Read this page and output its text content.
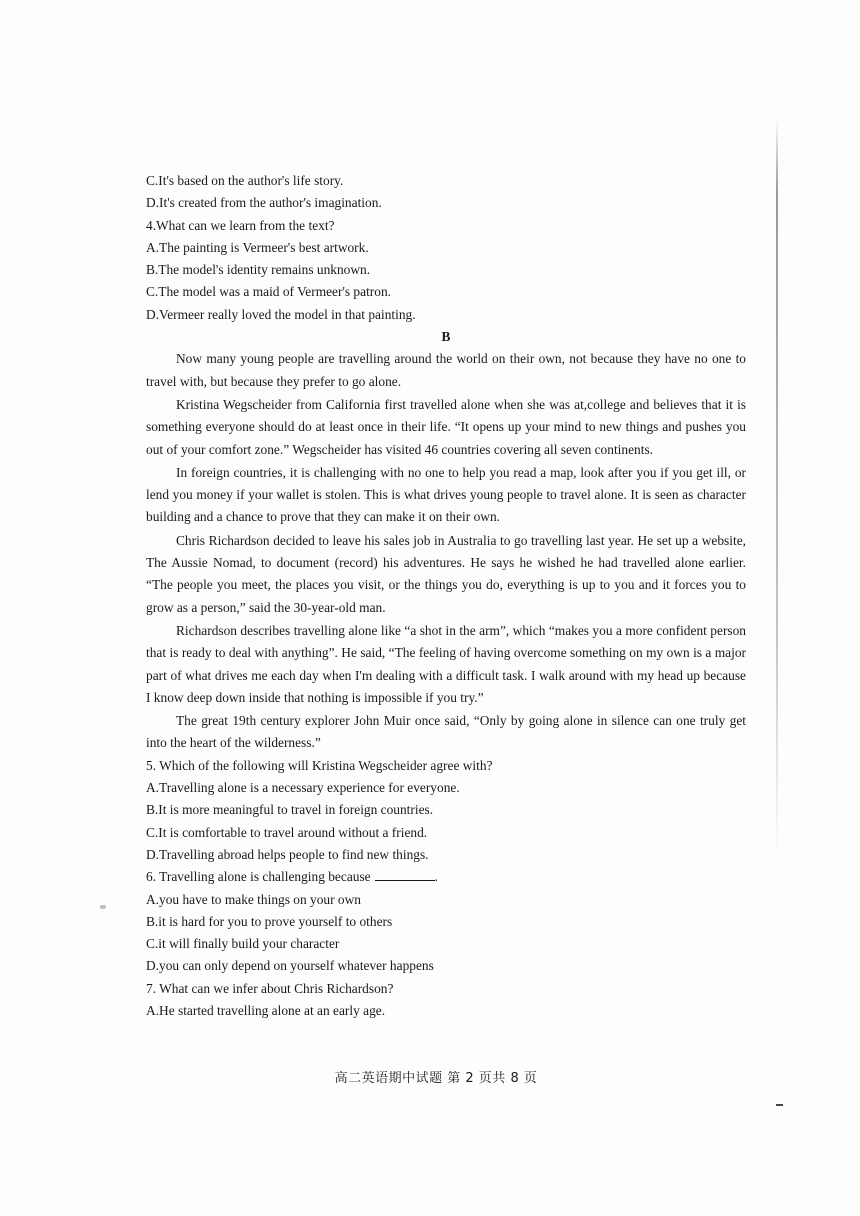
C.It's based on the author's life story.

D.It's created from the author's imagination.

4.What can we learn from the text?

A.The painting is Vermeer's best artwork.

B.The model's identity remains unknown.

C.The model was a maid of Vermeer's patron.

D.Vermeer really loved the model in that painting.

B

Now many young people are travelling around the world on their own, not because they have no one to travel with, but because they prefer to go alone.

Kristina Wegscheider from California first travelled alone when she was at,college and believes that it is something everyone should do at least once in their life. “It opens up your mind to new things and pushes you out of your comfort zone.” Wegscheider has visited 46 countries covering all seven continents.

In foreign countries, it is challenging with no one to help you read a map, look after you if you get ill, or lend you money if your wallet is stolen. This is what drives young people to travel alone. It is seen as character building and a chance to prove that they can make it on their own.

Chris Richardson decided to leave his sales job in Australia to go travelling last year. He set up a website, The Aussie Nomad, to document (record) his adventures. He says he wished he had travelled alone earlier. “The people you meet, the places you visit, or the things you do, everything is up to you and it forces you to grow as a person,” said the 30-year-old man.

Richardson describes travelling alone like “a shot in the arm”, which “makes you a more confident person that is ready to deal with anything”. He said, “The feeling of having overcome something on my own is a major part of what drives me each day when I'm dealing with a difficult task. I walk around with my head up because I know deep down inside that nothing is impossible if you try.”

The great 19th century explorer John Muir once said, “Only by going alone in silence can one truly get into the heart of the wilderness.”

5. Which of the following will Kristina Wegscheider agree with?

A.Travelling alone is a necessary experience for everyone.

B.It is more meaningful to travel in foreign countries.

C.It is comfortable to travel around without a friend.

D.Travelling abroad helps people to find new things.

6. Travelling alone is challenging because	.

A.you have to make things on your own

B.it is hard for you to prove yourself to others

C.it will finally build your character

D.you can only depend on yourself whatever happens

7. What can we infer about Chris Richardson?

A.He started travelling alone at an early age.

高二英语期中试题 第 2 页共 8 页
